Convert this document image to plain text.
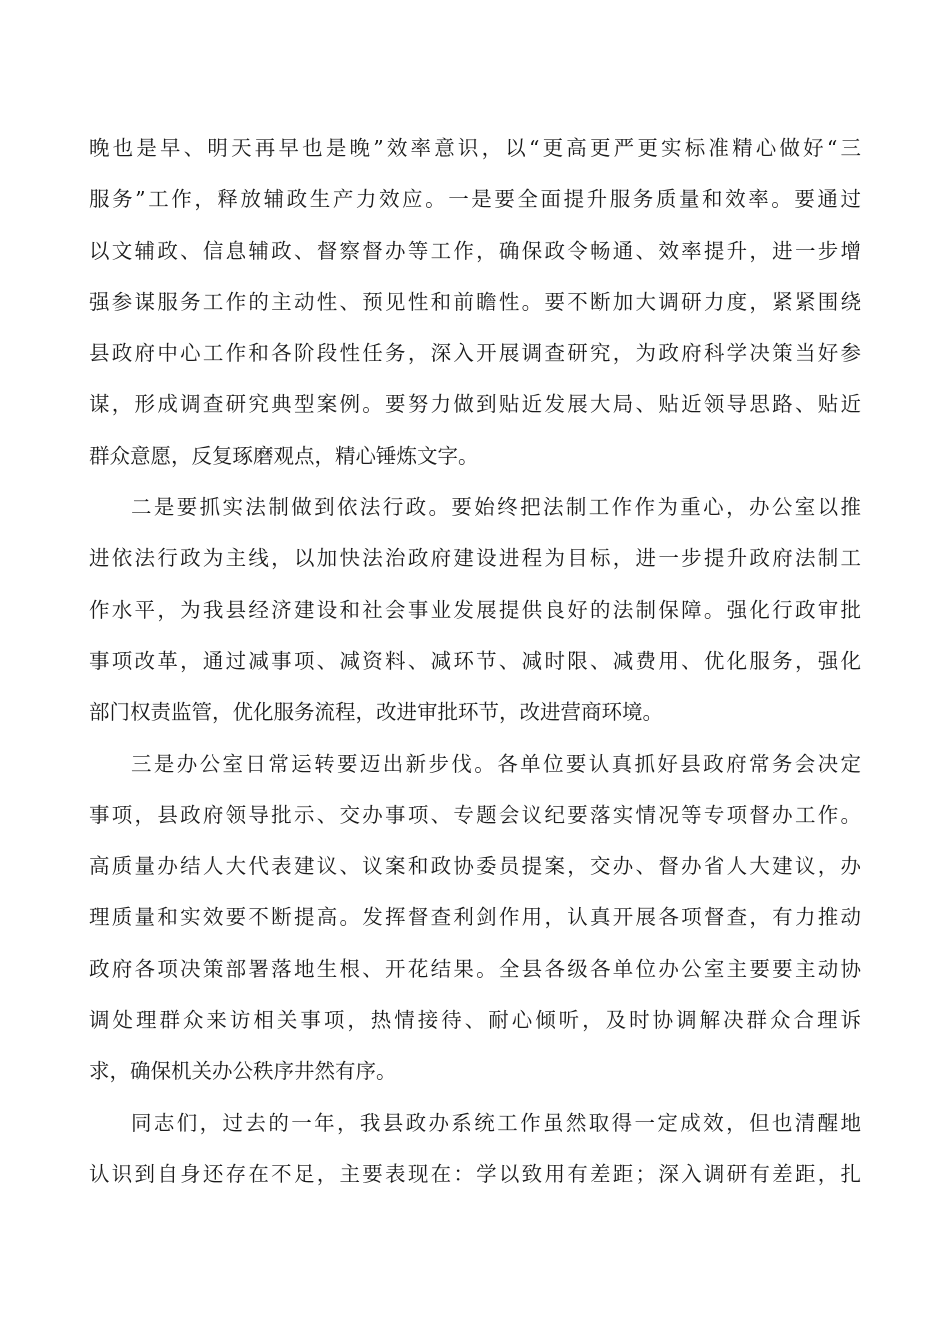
晚也是早、明天再早也是晚”效率意识，以“更高更严更实标准精心做好“三
服务”工作，释放辅政生产力效应。一是要全面提升服务质量和效率。要通过
以文辅政、信息辅政、督察督办等工作，确保政令畅通、效率提升，进一步增
强参谋服务工作的主动性、预见性和前瞻性。要不断加大调研力度，紧紧围绕
县政府中心工作和各阶段性任务，深入开展调查研究，为政府科学决策当好参
谋，形成调查研究典型案例。要努力做到贴近发展大局、贴近领导思路、贴近
群众意愿，反复琢磨观点，精心锤炼文字。
二是要抓实法制做到依法行政。要始终把法制工作作为重心，办公室以推
进依法行政为主线，以加快法治政府建设进程为目标，进一步提升政府法制工
作水平，为我县经济建设和社会事业发展提供良好的法制保障。强化行政审批
事项改革，通过减事项、减资料、减环节、减时限、减费用、优化服务，强化
部门权责监管，优化服务流程，改进审批环节，改进营商环境。
三是办公室日常运转要迈出新步伐。各单位要认真抓好县政府常务会决定
事项，县政府领导批示、交办事项、专题会议纪要落实情况等专项督办工作。
高质量办结人大代表建议、议案和政协委员提案，交办、督办省人大建议，办
理质量和实效要不断提高。发挥督查利剑作用，认真开展各项督查，有力推动
政府各项决策部署落地生根、开花结果。全县各级各单位办公室主要要主动协
调处理群众来访相关事项，热情接待、耐心倾听，及时协调解决群众合理诉
求，确保机关办公秩序井然有序。
同志们，过去的一年，我县政办系统工作虽然取得一定成效，但也清醒地
认识到自身还存在不足，主要表现在：学以致用有差距；深入调研有差距，扎
